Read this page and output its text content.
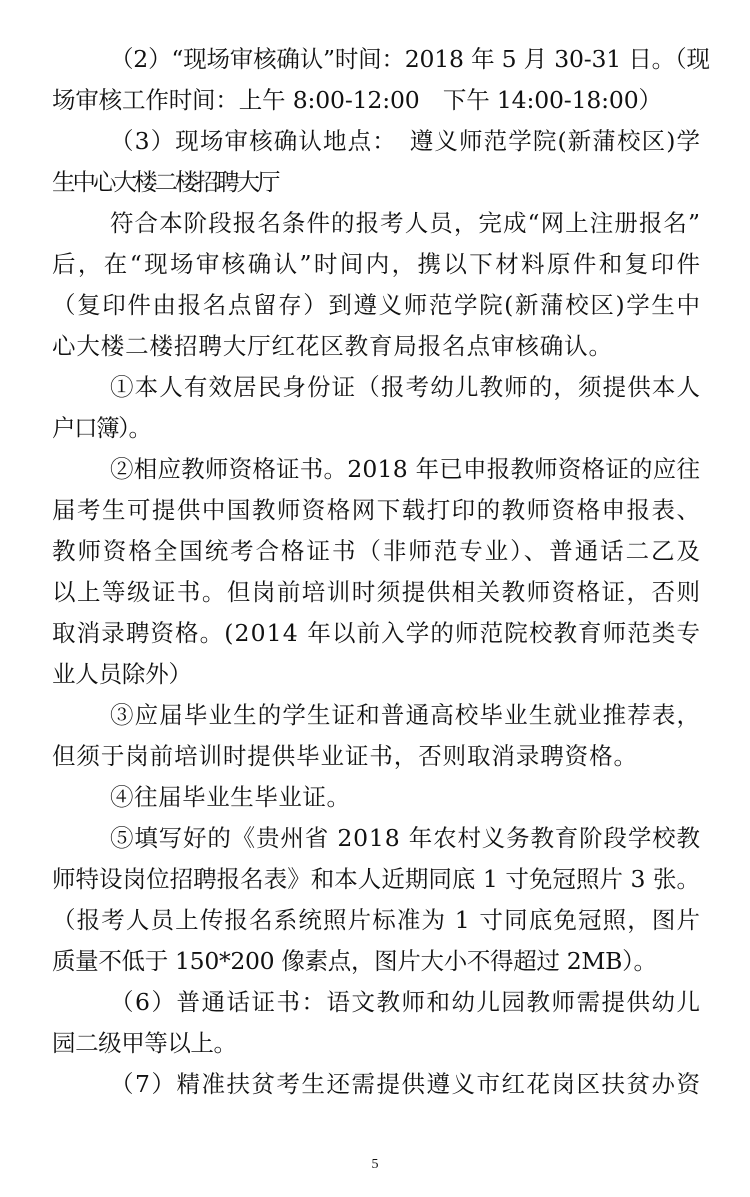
（2）“现场审核确认”时间：2018 年 5 月 30-31 日。（现
场审核工作时间：上午 8:00-12:00　下午 14:00-18:00）
（3）现场审核确认地点：　遵义师范学院(新蒲校区)学
生中心大楼二楼招聘大厅
符合本阶段报名条件的报考人员，完成“网上注册报名”
后，在“现场审核确认”时间内，携以下材料原件和复印件
（复印件由报名点留存）到遵义师范学院(新蒲校区)学生中
心大楼二楼招聘大厅红花区教育局报名点审核确认。
①本人有效居民身份证（报考幼儿教师的，须提供本人
户口簿）。
②相应教师资格证书。2018 年已申报教师资格证的应往
届考生可提供中国教师资格网下载打印的教师资格申报表、
教师资格全国统考合格证书（非师范专业）、普通话二乙及
以上等级证书。但岗前培训时须提供相关教师资格证，否则
取消录聘资格。(2014 年以前入学的师范院校教育师范类专
业人员除外）
③应届毕业生的学生证和普通高校毕业生就业推荐表，
但须于岗前培训时提供毕业证书，否则取消录聘资格。
④往届毕业生毕业证。
⑤填写好的《贵州省 2018 年农村义务教育阶段学校教
师特设岗位招聘报名表》和本人近期同底 1 寸免冠照片 3 张。
（报考人员上传报名系统照片标准为 1 寸同底免冠照，图片
质量不低于 150*200 像素点，图片大小不得超过 2MB）。
（6）普通话证书：语文教师和幼儿园教师需提供幼儿
园二级甲等以上。
（7）精准扶贫考生还需提供遵义市红花岗区扶贫办资
5
